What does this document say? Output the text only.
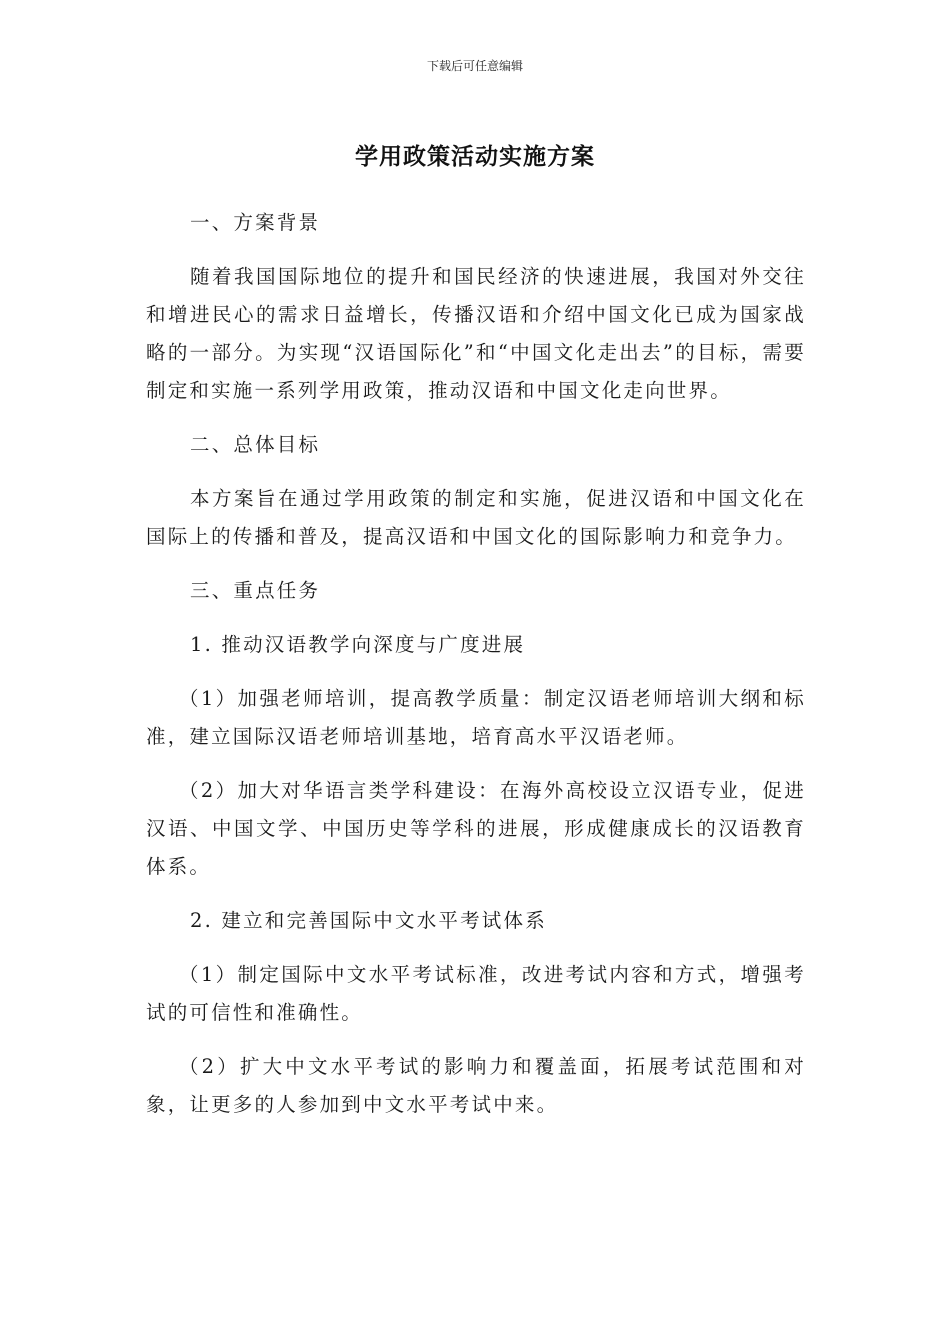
下载后可任意编辑
学用政策活动实施方案

一、方案背景

随着我国国际地位的提升和国民经济的快速进展，我国对外交往和增进民心的需求日益增长，传播汉语和介绍中国文化已成为国家战略的一部分。为实现“汉语国际化”和“中国文化走出去”的目标，需要制定和实施一系列学用政策，推动汉语和中国文化走向世界。

二、总体目标

本方案旨在通过学用政策的制定和实施，促进汉语和中国文化在国际上的传播和普及，提高汉语和中国文化的国际影响力和竞争力。

三、重点任务

1. 推动汉语教学向深度与广度进展

（1）加强老师培训，提高教学质量：制定汉语老师培训大纲和标准，建立国际汉语老师培训基地，培育高水平汉语老师。

（2）加大对华语言类学科建设：在海外高校设立汉语专业，促进汉语、中国文学、中国历史等学科的进展，形成健康成长的汉语教育体系。

2. 建立和完善国际中文水平考试体系

（1）制定国际中文水平考试标准，改进考试内容和方式，增强考试的可信性和准确性。

（2）扩大中文水平考试的影响力和覆盖面，拓展考试范围和对象，让更多的人参加到中文水平考试中来。
